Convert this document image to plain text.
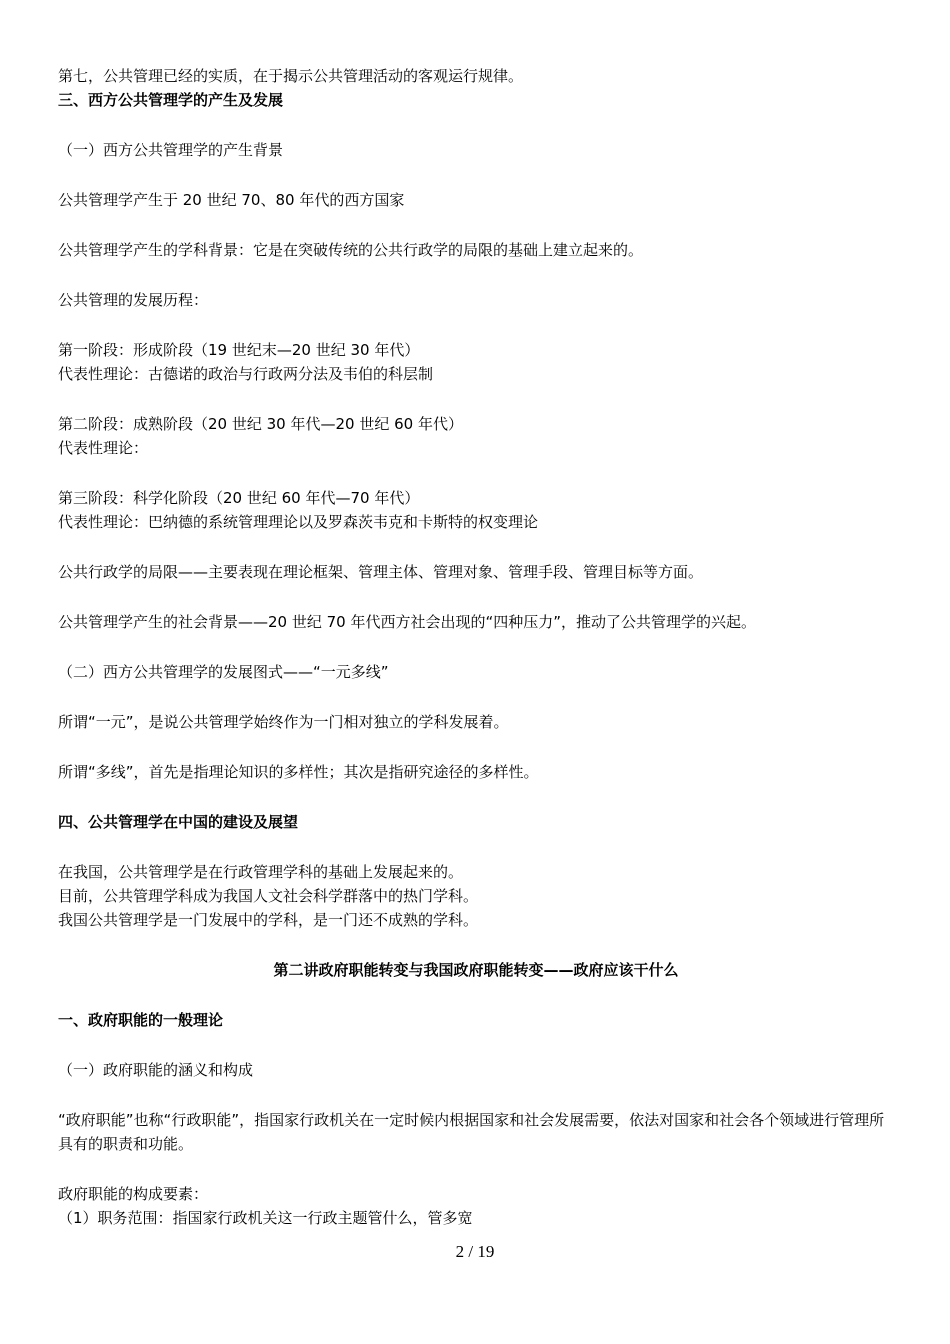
第七，公共管理已经的实质，在于揭示公共管理活动的客观运行规律。
三、西方公共管理学的产生及发展
（一）西方公共管理学的产生背景
公共管理学产生于 20 世纪 70、80 年代的西方国家
公共管理学产生的学科背景：它是在突破传统的公共行政学的局限的基础上建立起来的。
公共管理的发展历程：
第一阶段：形成阶段（19 世纪末—20 世纪 30 年代）
代表性理论：古德诺的政治与行政两分法及韦伯的科层制
第二阶段：成熟阶段（20 世纪 30 年代—20 世纪 60 年代）
代表性理论：
第三阶段：科学化阶段（20 世纪 60 年代—70 年代）
代表性理论：巴纳德的系统管理理论以及罗森茨韦克和卡斯特的权变理论
公共行政学的局限——主要表现在理论框架、管理主体、管理对象、管理手段、管理目标等方面。
公共管理学产生的社会背景——20 世纪 70 年代西方社会出现的“四种压力”，推动了公共管理学的兴起。
（二）西方公共管理学的发展图式——“一元多线”
所谓“一元”，是说公共管理学始终作为一门相对独立的学科发展着。
所谓“多线”，首先是指理论知识的多样性；其次是指研究途径的多样性。
四、公共管理学在中国的建设及展望
在我国，公共管理学是在行政管理学科的基础上发展起来的。
目前，公共管理学科成为我国人文社会科学群落中的热门学科。
我国公共管理学是一门发展中的学科，是一门还不成熟的学科。
第二讲政府职能转变与我国政府职能转变——政府应该干什么
一、政府职能的一般理论
（一）政府职能的涵义和构成
“政府职能”也称“行政职能”，指国家行政机关在一定时候内根据国家和社会发展需要，依法对国家和社会各个领域进行管理所具有的职责和功能。
政府职能的构成要素：
（1）职务范围：指国家行政机关这一行政主题管什么，管多宽
2 / 19
